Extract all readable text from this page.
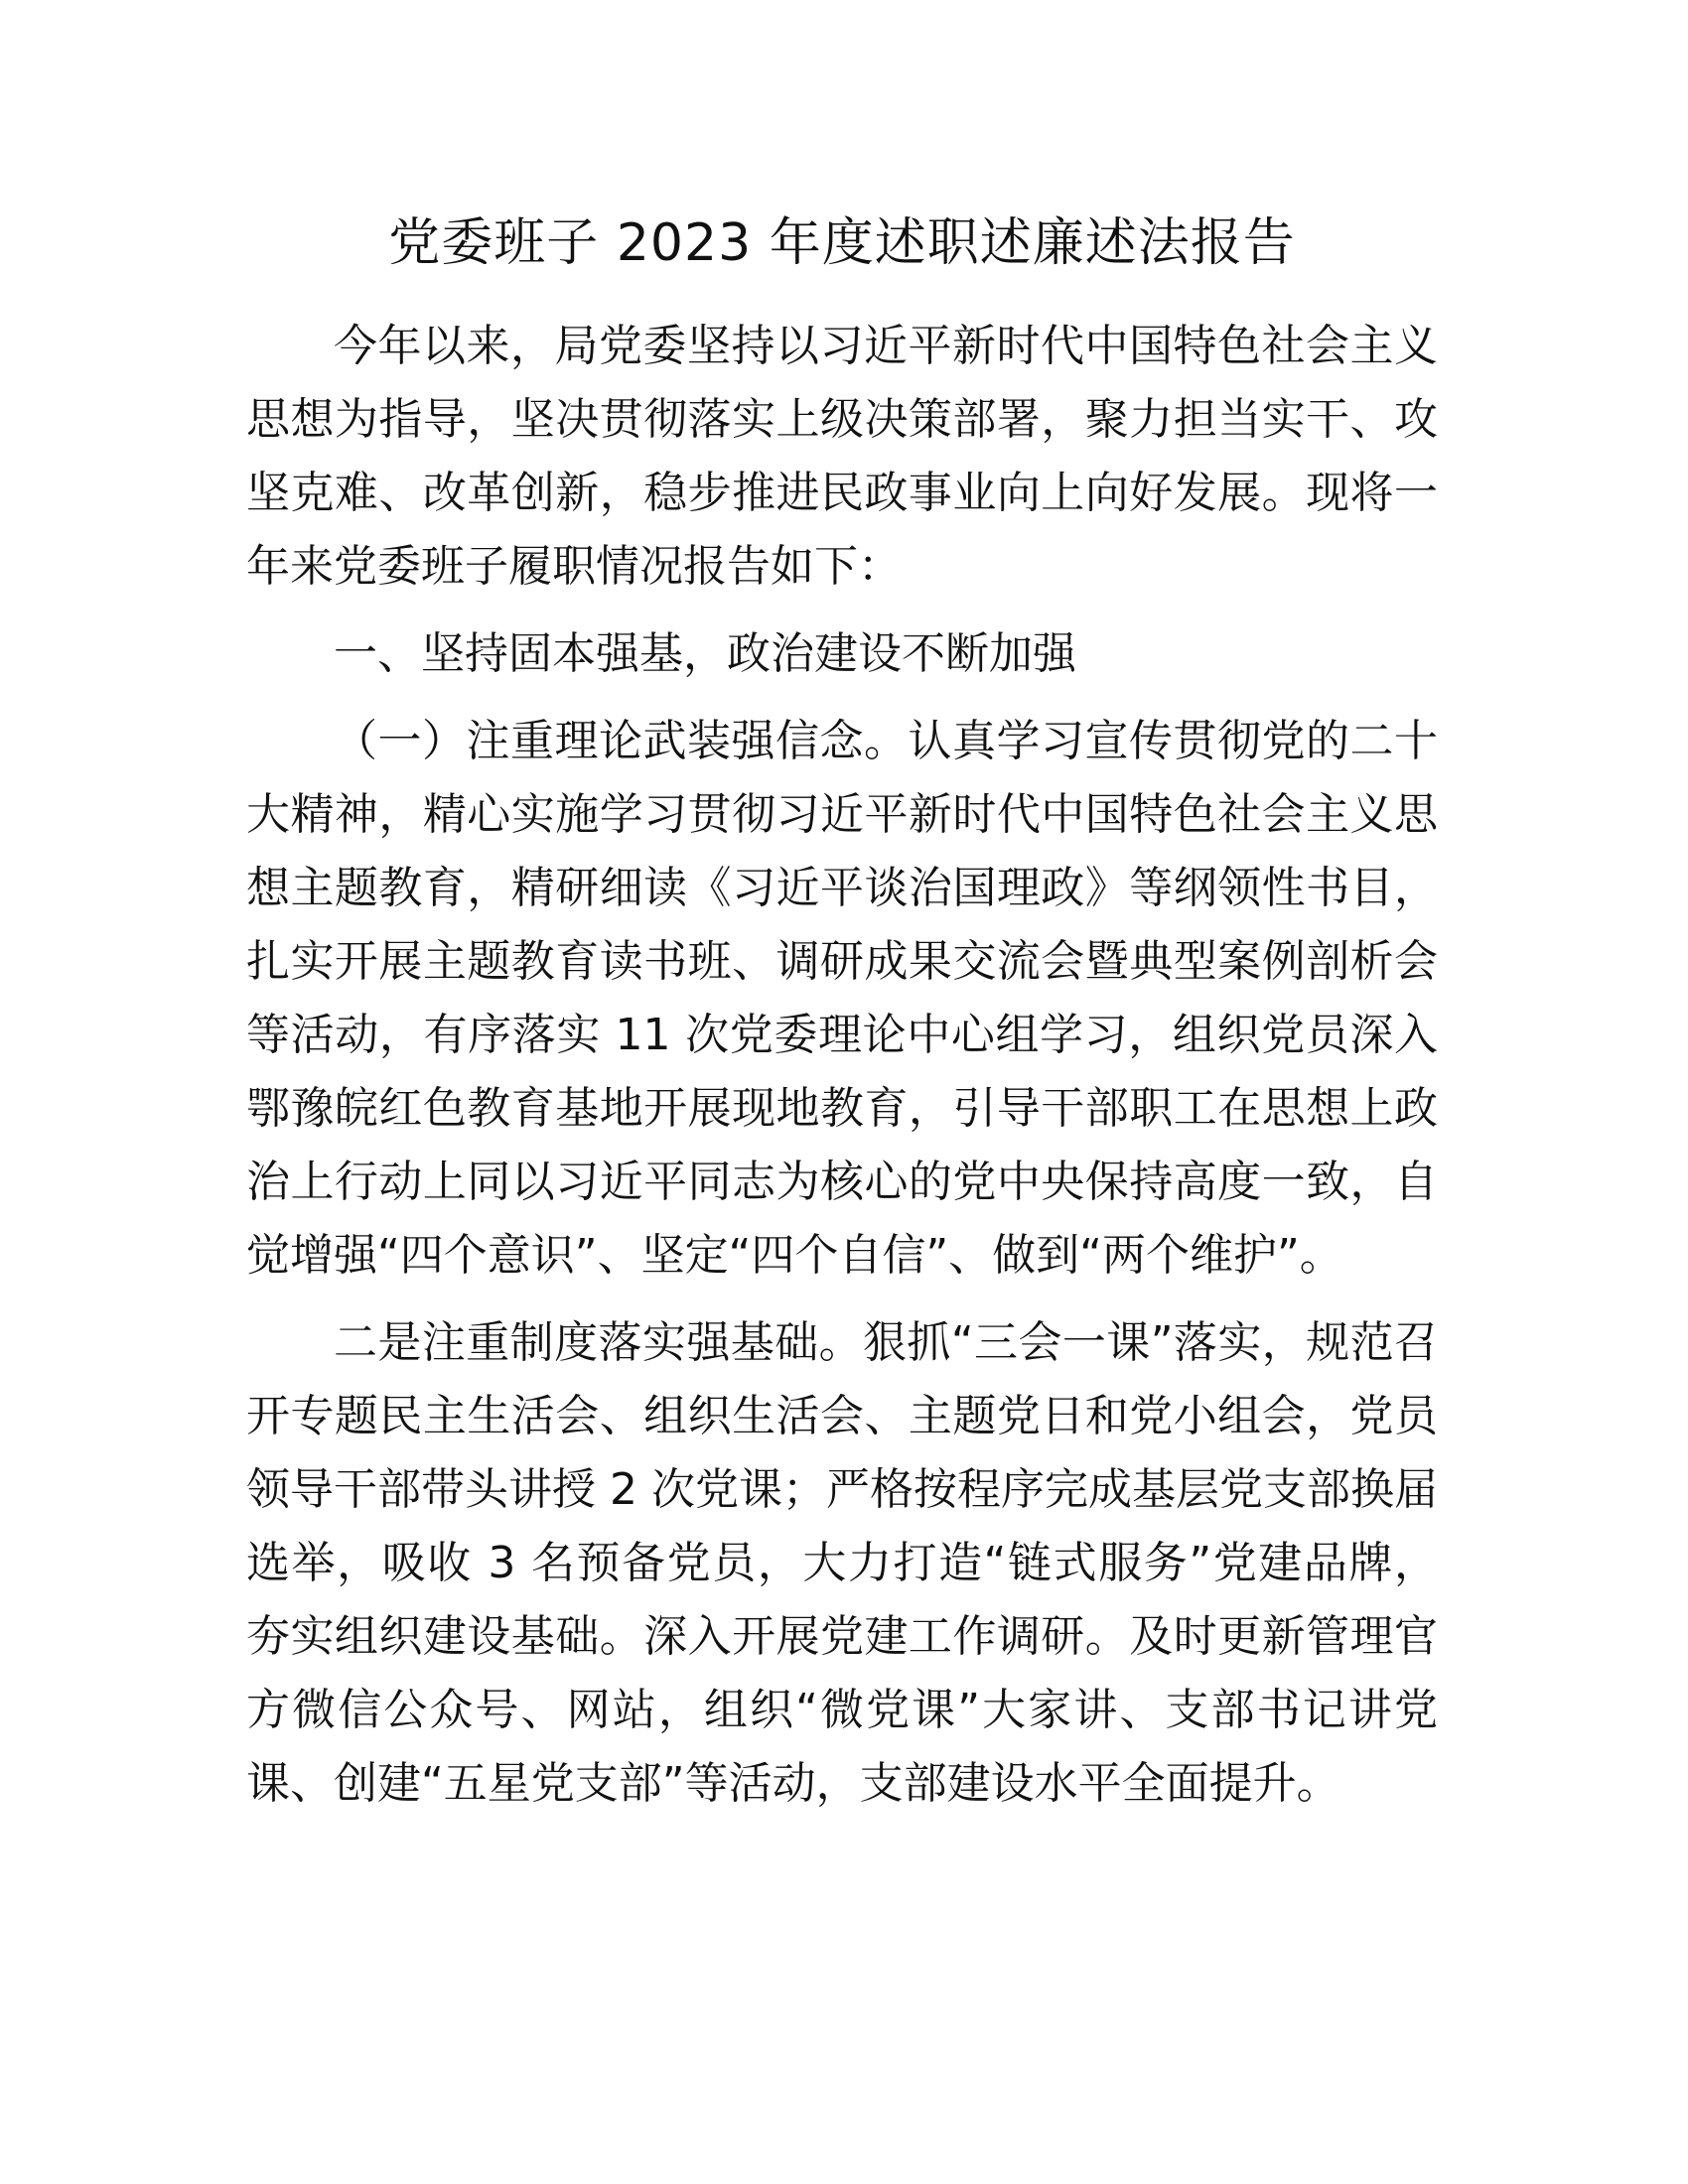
党委班子 2023 年度述职述廉述法报告

今年以来，局党委坚持以习近平新时代中国特色社会主义思想为指导，坚决贯彻落实上级决策部署，聚力担当实干、攻坚克难、改革创新，稳步推进民政事业向上向好发展。现将一年来党委班子履职情况报告如下：

一、坚持固本强基，政治建设不断加强

（一）注重理论武装强信念。认真学习宣传贯彻党的二十大精神，精心实施学习贯彻习近平新时代中国特色社会主义思想主题教育，精研细读《习近平谈治国理政》等纲领性书目，扎实开展主题教育读书班、调研成果交流会暨典型案例剖析会等活动，有序落实 11 次党委理论中心组学习，组织党员深入鄂豫皖红色教育基地开展现地教育，引导干部职工在思想上政治上行动上同以习近平同志为核心的党中央保持高度一致，自觉增强“四个意识”、坚定“四个自信”、做到“两个维护”。

二是注重制度落实强基础。狠抓“三会一课”落实，规范召开专题民主生活会、组织生活会、主题党日和党小组会，党员领导干部带头讲授 2 次党课；严格按程序完成基层党支部换届选举，吸收 3 名预备党员，大力打造“链式服务”党建品牌，夯实组织建设基础。深入开展党建工作调研。及时更新管理官方微信公众号、网站，组织“微党课”大家讲、支部书记讲党课、创建“五星党支部”等活动，支部建设水平全面提升。
